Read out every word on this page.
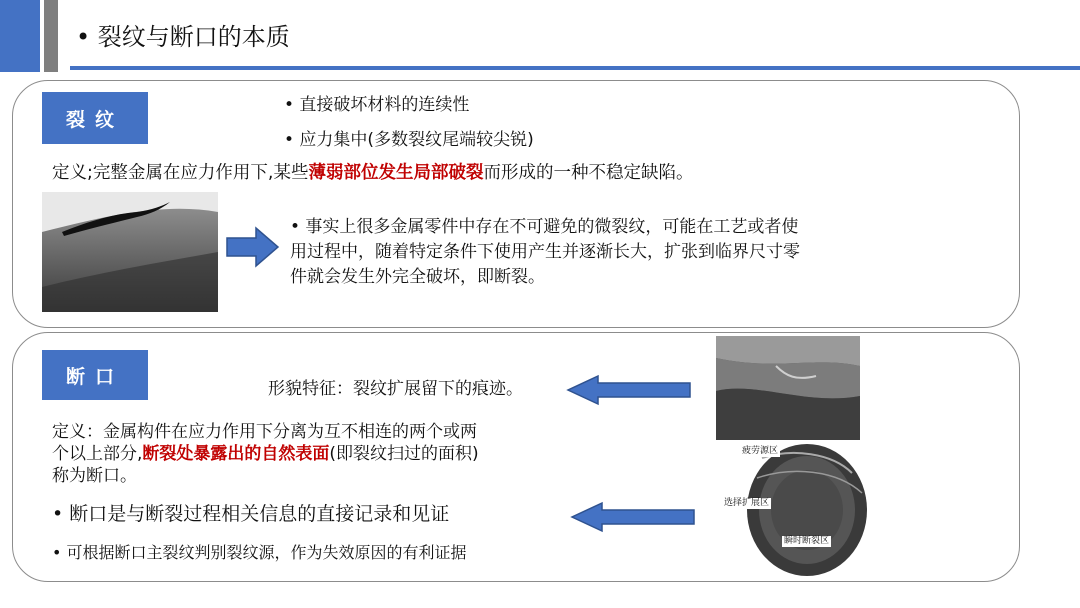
• 裂纹与断口的本质
裂纹
• 直接破坏材料的连续性
• 应力集中(多数裂纹尾端较尖锐)
定义;完整金属在应力作用下,某些薄弱部位发生局部破裂而形成的一种不稳定缺陷。
• 事实上很多金属零件中存在不可避免的微裂纹，可能在工艺或者使
用过程中，随着特定条件下使用产生并逐渐长大，扩张到临界尺寸零
件就会发生外完全破坏，即断裂。
断口
形貌特征：裂纹扩展留下的痕迹。
定义：金属构件在应力作用下分离为互不相连的两个或两
个以上部分,断裂处暴露出的自然表面(即裂纹扫过的面积)
称为断口。
• 断口是与断裂过程相关信息的直接记录和见证
• 可根据断口主裂纹判别裂纹源，作为失效原因的有利证据
疲劳源区
选择扩展区
瞬时断裂区
